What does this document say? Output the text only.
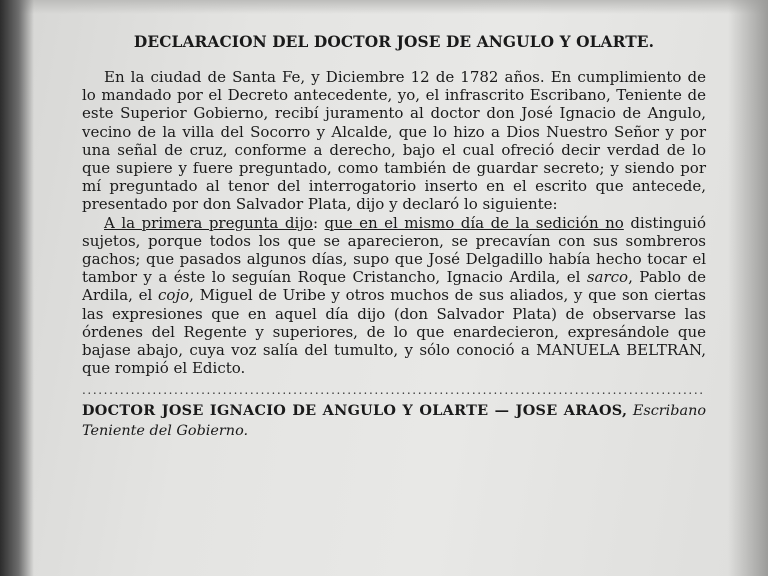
DECLARACION DEL DOCTOR JOSE DE ANGULO Y OLARTE.

En la ciudad de Santa Fe, y Diciembre 12 de 1782 años. En cumplimiento de lo mandado por el Decreto antecedente, yo, el infrascrito Escribano, Teniente de este Superior Gobierno, recibí juramento al doctor don José Ignacio de Angulo, vecino de la villa del Socorro y Alcalde, que lo hizo a Dios Nuestro Señor y por una señal de cruz, conforme a derecho, bajo el cual ofreció decir verdad de lo que supiere y fuere preguntado, como también de guardar secreto; y siendo por mí preguntado al tenor del interrogatorio inserto en el escrito que antecede, presentado por don Salvador Plata, dijo y declaró lo siguiente:

A la primera pregunta dijo: que en el mismo día de la sedición no distinguió sujetos, porque todos los que se aparecieron, se precavían con sus sombreros gachos; que pasados algunos días, supo que José Delgadillo había hecho tocar el tambor y a éste lo seguían Roque Cristancho, Ignacio Ardila, el sarco, Pablo de Ardila, el cojo, Miguel de Uribe y otros muchos de sus aliados, y que son ciertas las expresiones que en aquel día dijo (don Salvador Plata) de observarse las órdenes del Regente y superiores, de lo que enardecieron, expresándole que bajase abajo, cuya voz salía del tumulto, y sólo conoció a MANUELA BELTRAN, que rompió el Edicto.

...................................................................................................................
DOCTOR JOSE IGNACIO DE ANGULO Y OLARTE — JOSE ARAOS, Escribano Teniente del Gobierno.
